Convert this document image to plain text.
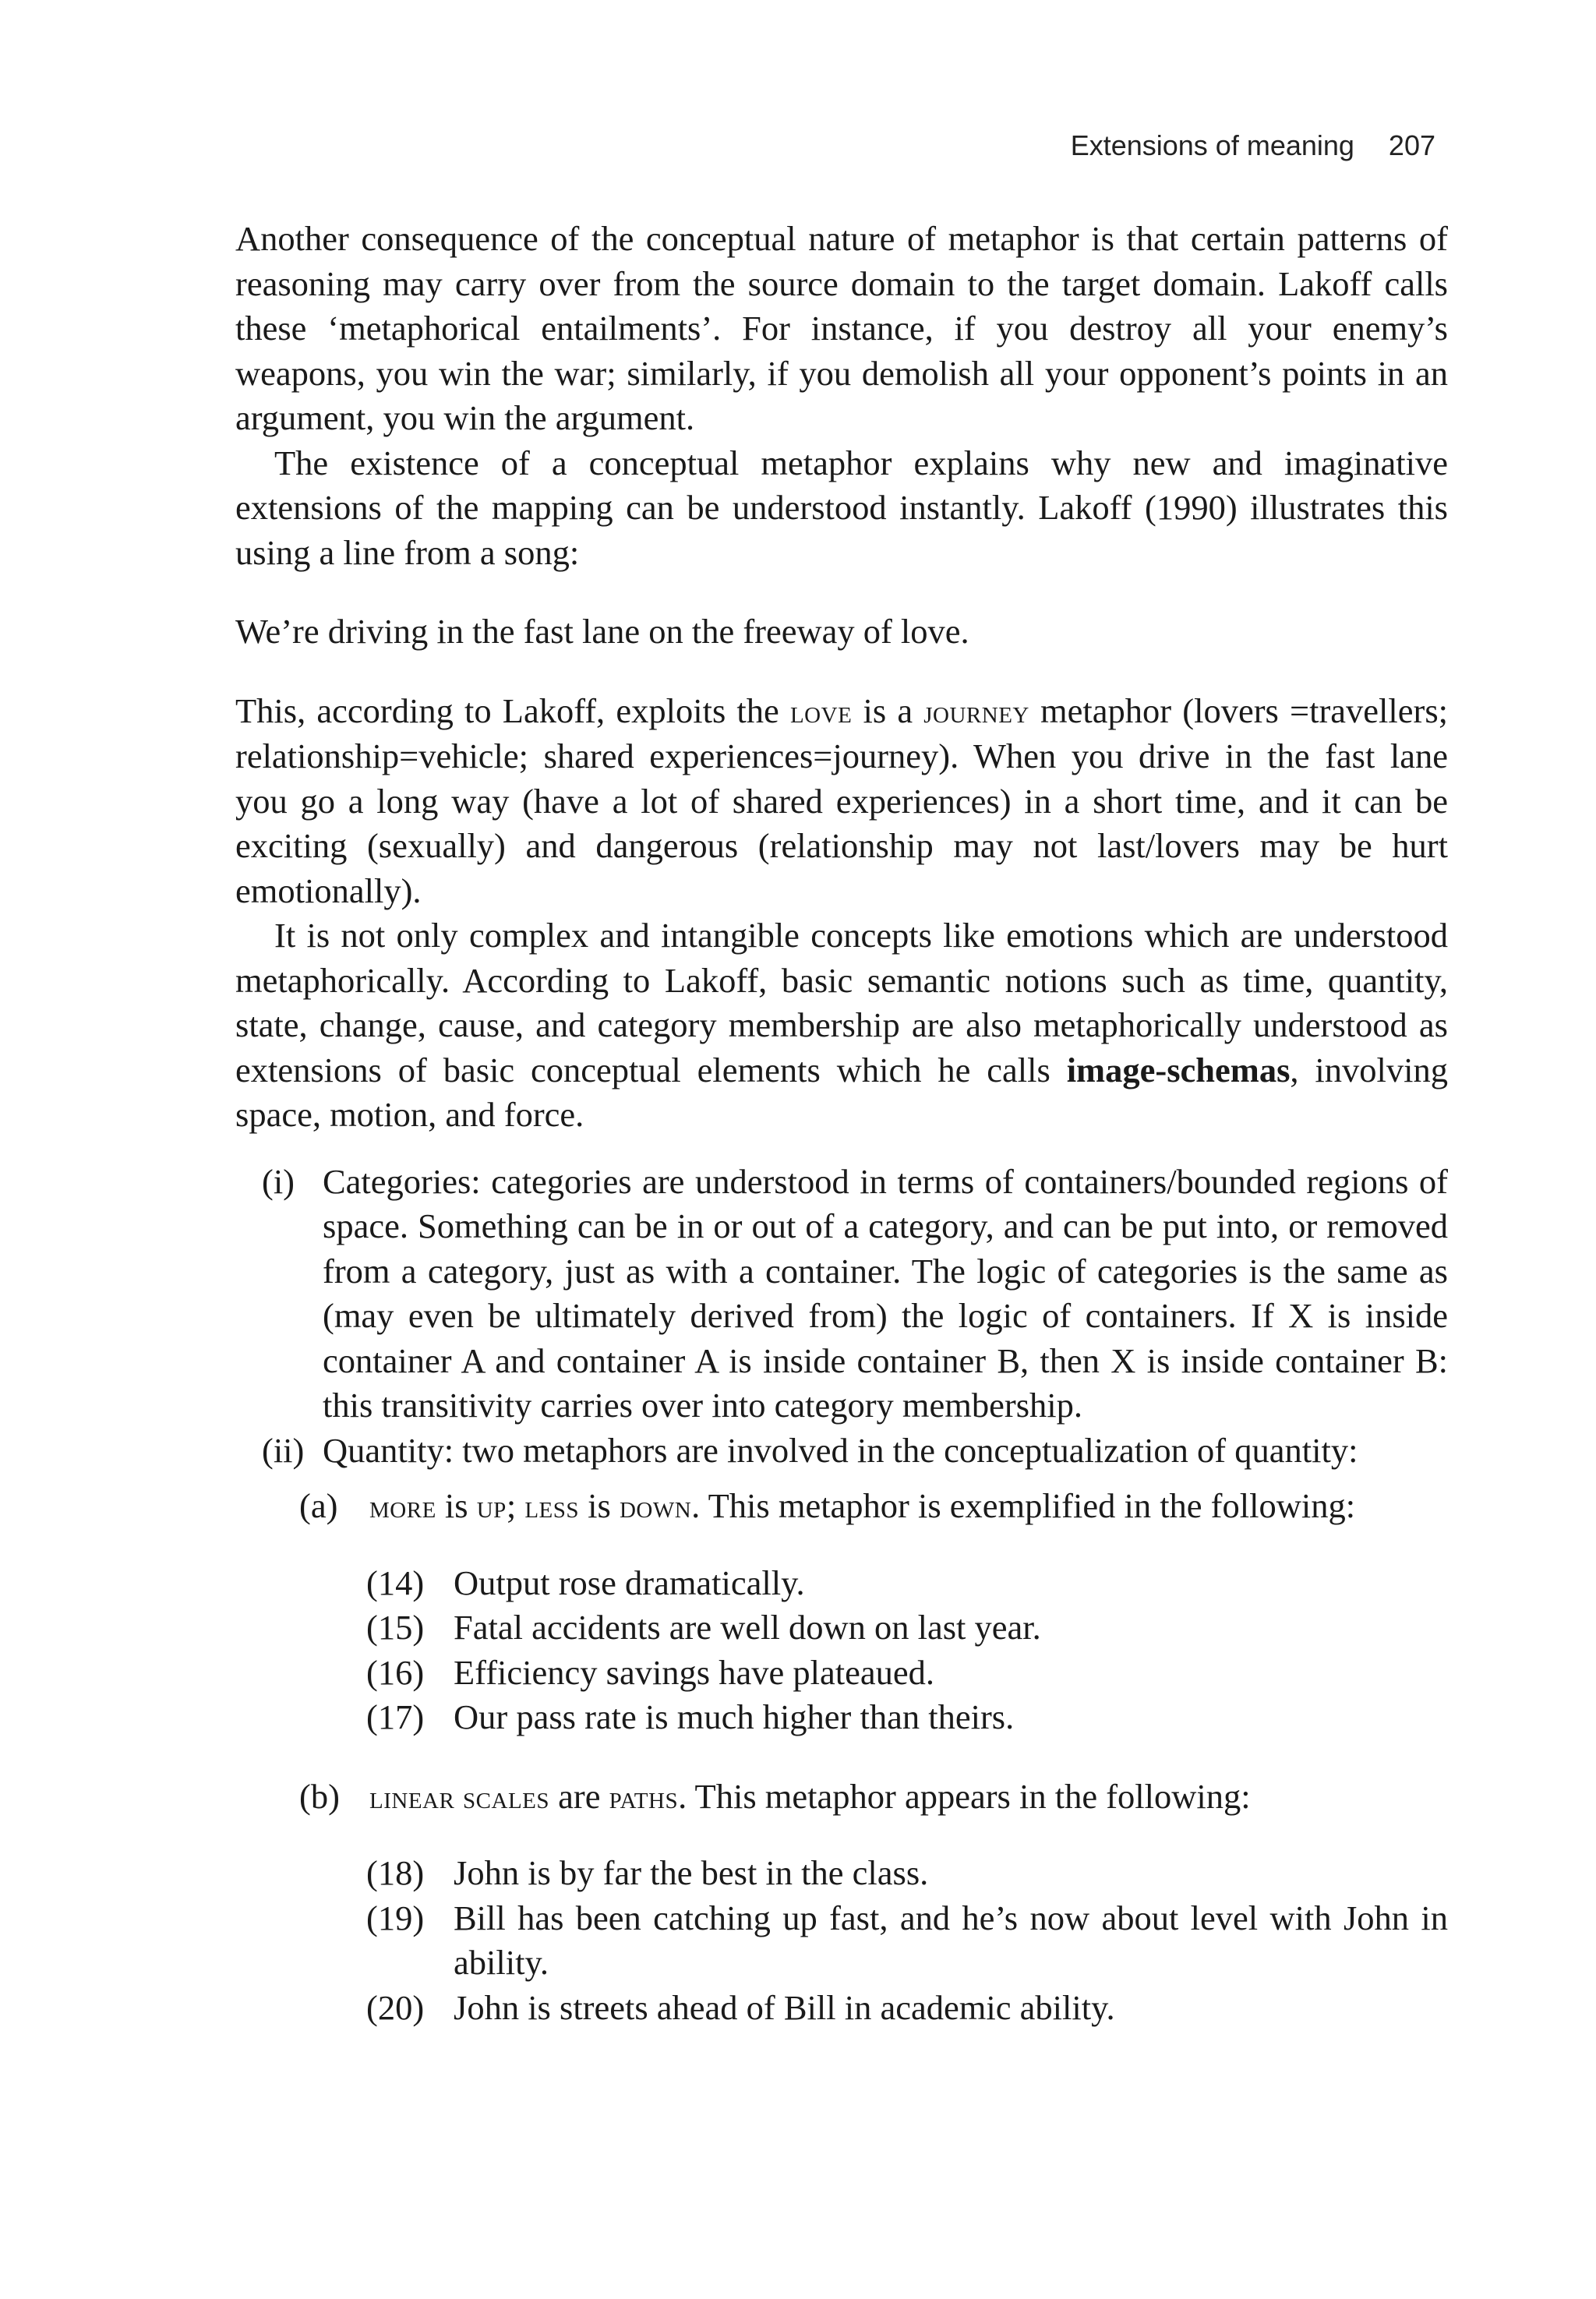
Extensions of meaning 207

Another consequence of the conceptual nature of metaphor is that certain patterns of reasoning may carry over from the source domain to the target domain. Lakoff calls these ‘metaphorical entailments’. For instance, if you destroy all your enemy’s weapons, you win the war; similarly, if you demolish all your opponent’s points in an argument, you win the argument.

The existence of a conceptual metaphor explains why new and imaginative extensions of the mapping can be understood instantly. Lakoff (1990) illustrates this using a line from a song:

We’re driving in the fast lane on the freeway of love.

This, according to Lakoff, exploits the love is a journey metaphor (lovers =travellers; relationship=vehicle; shared experiences=journey). When you drive in the fast lane you go a long way (have a lot of shared experiences) in a short time, and it can be exciting (sexually) and dangerous (relationship may not last/lovers may be hurt emotionally).

It is not only complex and intangible concepts like emotions which are understood metaphorically. According to Lakoff, basic semantic notions such as time, quantity, state, change, cause, and category membership are also metaphorically understood as extensions of basic conceptual elements which he calls image-schemas, involving space, motion, and force.

(i) Categories: categories are understood in terms of containers/bounded regions of space. Something can be in or out of a category, and can be put into, or removed from a category, just as with a container. The logic of categories is the same as (may even be ultimately derived from) the logic of containers. If X is inside container A and container A is inside container B, then X is inside container B: this transitivity carries over into category membership.
(ii) Quantity: two metaphors are involved in the conceptualization of quantity:
(a) more is up; less is down. This metaphor is exemplified in the following:
(14) Output rose dramatically.
(15) Fatal accidents are well down on last year.
(16) Efficiency savings have plateaued.
(17) Our pass rate is much higher than theirs.
(b) linear scales are paths. This metaphor appears in the following:
(18) John is by far the best in the class.
(19) Bill has been catching up fast, and he’s now about level with John in ability.
(20) John is streets ahead of Bill in academic ability.
